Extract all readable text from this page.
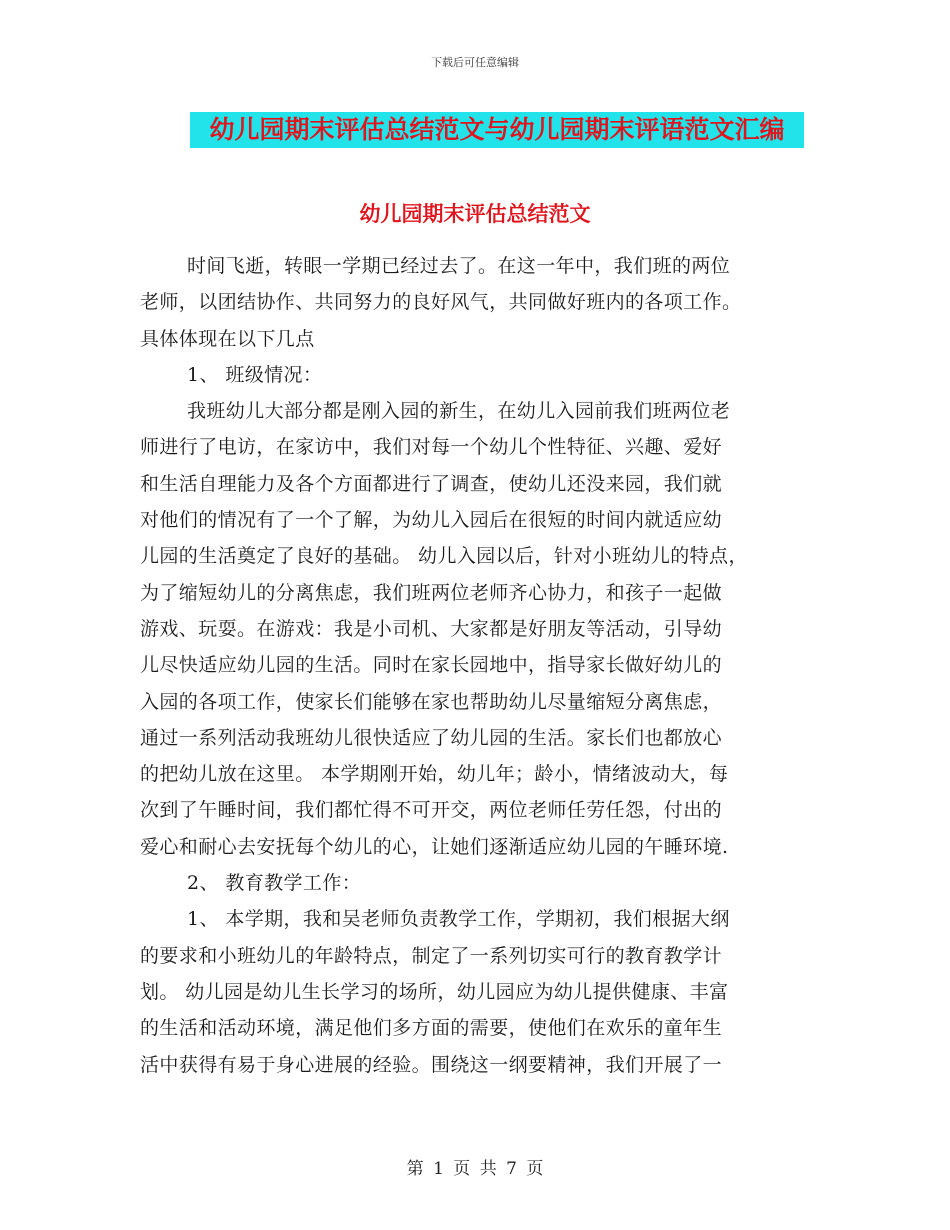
下载后可任意编辑
幼儿园期末评估总结范文与幼儿园期末评语范文汇编
幼儿园期末评估总结范文
时间飞逝，转眼一学期已经过去了。在这一年中，我们班的两位
老师，以团结协作、共同努力的良好风气，共同做好班内的各项工作。
具体体现在以下几点
1、 班级情况：
我班幼儿大部分都是刚入园的新生，在幼儿入园前我们班两位老
师进行了电访，在家访中，我们对每一个幼儿个性特征、兴趣、爱好
和生活自理能力及各个方面都进行了调查，使幼儿还没来园，我们就
对他们的情况有了一个了解，为幼儿入园后在很短的时间内就适应幼
儿园的生活奠定了良好的基础。 幼儿入园以后，针对小班幼儿的特点，
为了缩短幼儿的分离焦虑，我们班两位老师齐心协力，和孩子一起做
游戏、玩耍。在游戏：我是小司机、大家都是好朋友等活动，引导幼
儿尽快适应幼儿园的生活。同时在家长园地中，指导家长做好幼儿的
入园的各项工作，使家长们能够在家也帮助幼儿尽量缩短分离焦虑，
通过一系列活动我班幼儿很快适应了幼儿园的生活。家长们也都放心
的把幼儿放在这里。 本学期刚开始，幼儿年；龄小，情绪波动大，每
次到了午睡时间，我们都忙得不可开交，两位老师任劳任怨，付出的
爱心和耐心去安抚每个幼儿的心，让她们逐渐适应幼儿园的午睡环境.
2、 教育教学工作：
1、 本学期，我和吴老师负责教学工作，学期初，我们根据大纲
的要求和小班幼儿的年龄特点，制定了一系列切实可行的教育教学计
划。 幼儿园是幼儿生长学习的场所，幼儿园应为幼儿提供健康、丰富
的生活和活动环境，满足他们多方面的需要，使他们在欢乐的童年生
活中获得有易于身心进展的经验。围绕这一纲要精神，我们开展了一
第 1 页 共 7 页
